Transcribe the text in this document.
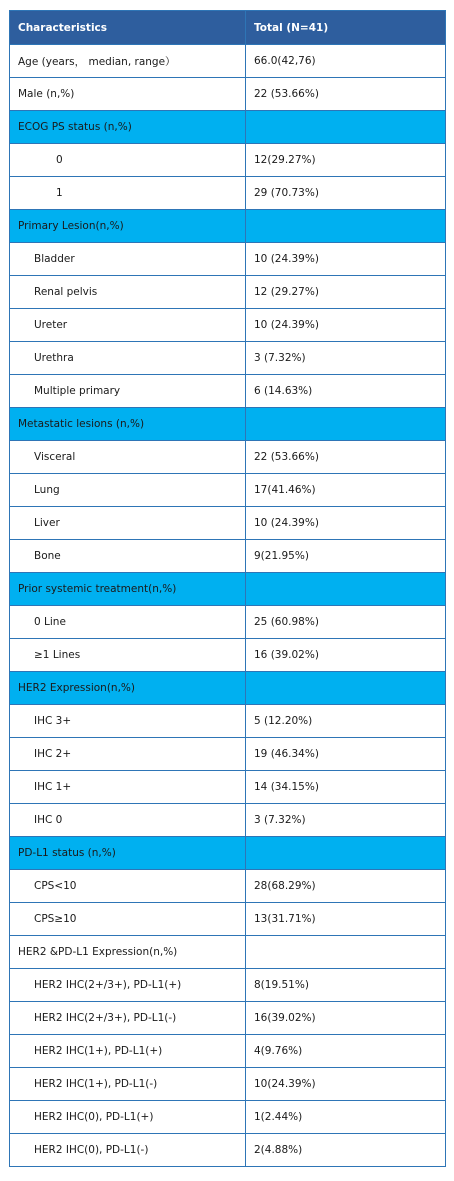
Characteristics	Total (N=41)
Age (years， median, range）	66.0(42,76)
Male (n,%)	22 (53.66%)
ECOG PS status (n,%)	
0	12(29.27%)
1	29 (70.73%)
Primary Lesion(n,%)	
Bladder	10 (24.39%)
Renal pelvis	12 (29.27%)
Ureter	10 (24.39%)
Urethra	3 (7.32%)
Multiple primary	6 (14.63%)
Metastatic lesions (n,%)	
Visceral	22 (53.66%)
Lung	17(41.46%)
Liver	10 (24.39%)
Bone	9(21.95%)
Prior systemic treatment(n,%)	
0 Line	25 (60.98%)
≥1 Lines	16 (39.02%)
HER2 Expression(n,%)	
IHC 3+	5 (12.20%)
IHC 2+	19 (46.34%)
IHC 1+	14 (34.15%)
IHC 0	3 (7.32%)
PD-L1 status (n,%)	
CPS<10	28(68.29%)
CPS≥10	13(31.71%)
HER2 &PD-L1 Expression(n,%)	
HER2 IHC(2+/3+), PD-L1(+)	8(19.51%)
HER2 IHC(2+/3+), PD-L1(-)	16(39.02%)
HER2 IHC(1+), PD-L1(+)	4(9.76%)
HER2 IHC(1+), PD-L1(-)	10(24.39%)
HER2 IHC(0), PD-L1(+)	1(2.44%)
HER2 IHC(0), PD-L1(-)	2(4.88%)
